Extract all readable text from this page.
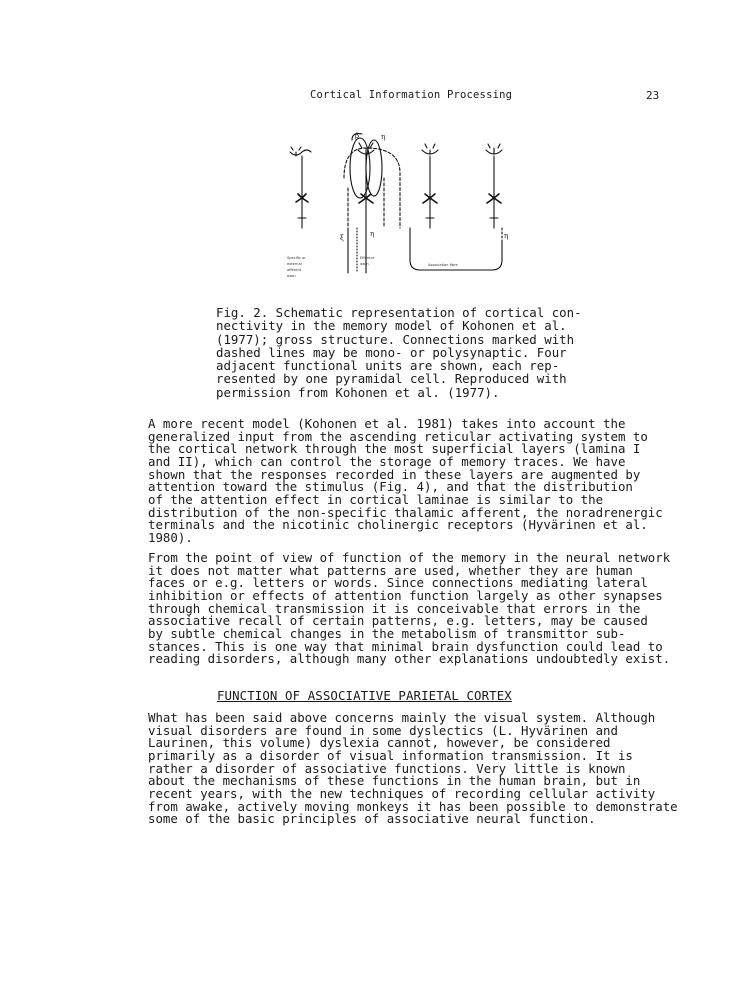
Cortical Information Processing	23
β	η
ξ	η	η
Specific or
external
afferent
axon
Efferent
axon	Association fibre
Fig. 2. Schematic representation of cortical con-
nectivity in the memory model of Kohonen et al.
(1977); gross structure. Connections marked with
dashed lines may be mono- or polysynaptic. Four
adjacent functional units are shown, each rep-
resented by one pyramidal cell. Reproduced with
permission from Kohonen et al. (1977).
A more recent model (Kohonen et al. 1981) takes into account the
generalized input from the ascending reticular activating system to
the cortical network through the most superficial layers (lamina I
and II), which can control the storage of memory traces. We have
shown that the responses recorded in these layers are augmented by
attention toward the stimulus (Fig. 4), and that the distribution
of the attention effect in cortical laminae is similar to the
distribution of the non-specific thalamic afferent, the noradrenergic
terminals and the nicotinic cholinergic receptors (Hyvärinen et al.
1980).
From the point of view of function of the memory in the neural network
it does not matter what patterns are used, whether they are human
faces or e.g. letters or words. Since connections mediating lateral
inhibition or effects of attention function largely as other synapses
through chemical transmission it is conceivable that errors in the
associative recall of certain patterns, e.g. letters, may be caused
by subtle chemical changes in the metabolism of transmittor sub-
stances. This is one way that minimal brain dysfunction could lead to
reading disorders, although many other explanations undoubtedly exist.
FUNCTION OF ASSOCIATIVE PARIETAL CORTEX
What has been said above concerns mainly the visual system. Although
visual disorders are found in some dyslectics (L. Hyvärinen and
Laurinen, this volume) dyslexia cannot, however, be considered
primarily as a disorder of visual information transmission. It is
rather a disorder of associative functions. Very little is known
about the mechanisms of these functions in the human brain, but in
recent years, with the new techniques of recording cellular activity
from awake, actively moving monkeys it has been possible to demonstrate
some of the basic principles of associative neural function.
